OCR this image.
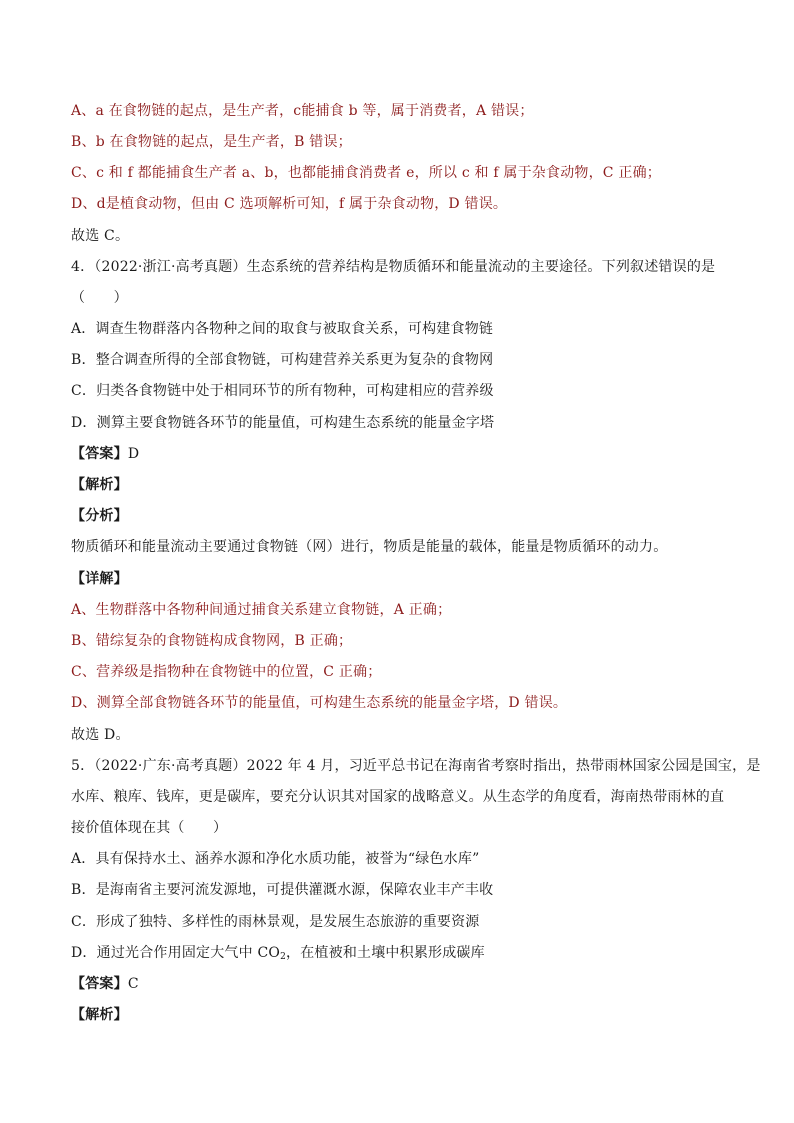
A、a 在食物链的起点，是生产者，c能捕食 b 等，属于消费者，A 错误；
B、b 在食物链的起点，是生产者，B 错误；
C、c 和 f 都能捕食生产者 a、b，也都能捕食消费者 e，所以 c 和 f 属于杂食动物，C 正确；
D、d是植食动物，但由 C 选项解析可知，f 属于杂食动物，D 错误。
故选 C。
4．（2022·浙江·高考真题）生态系统的营养结构是物质循环和能量流动的主要途径。下列叙述错误的是
（　　）
A．调查生物群落内各物种之间的取食与被取食关系，可构建食物链
B．整合调查所得的全部食物链，可构建营养关系更为复杂的食物网
C．归类各食物链中处于相同环节的所有物种，可构建相应的营养级
D．测算主要食物链各环节的能量值，可构建生态系统的能量金字塔
【答案】D
【解析】
【分析】
物质循环和能量流动主要通过食物链（网）进行，物质是能量的载体，能量是物质循环的动力。
【详解】
A、生物群落中各物种间通过捕食关系建立食物链，A 正确；
B、错综复杂的食物链构成食物网，B 正确；
C、营养级是指物种在食物链中的位置，C 正确；
D、测算全部食物链各环节的能量值，可构建生态系统的能量金字塔，D 错误。
故选 D。
5．（2022·广东·高考真题）2022 年 4 月，习近平总书记在海南省考察时指出，热带雨林国家公园是国宝，是
水库、粮库、钱库，更是碳库，要充分认识其对国家的战略意义。从生态学的角度看，海南热带雨林的直
接价值体现在其（　　）
A．具有保持水土、涵养水源和净化水质功能，被誉为“绿色水库”
B．是海南省主要河流发源地，可提供灌溉水源，保障农业丰产丰收
C．形成了独特、多样性的雨林景观，是发展生态旅游的重要资源
D．通过光合作用固定大气中 $CO_2$，在植被和土壤中积累形成碳库
【答案】C
【解析】
